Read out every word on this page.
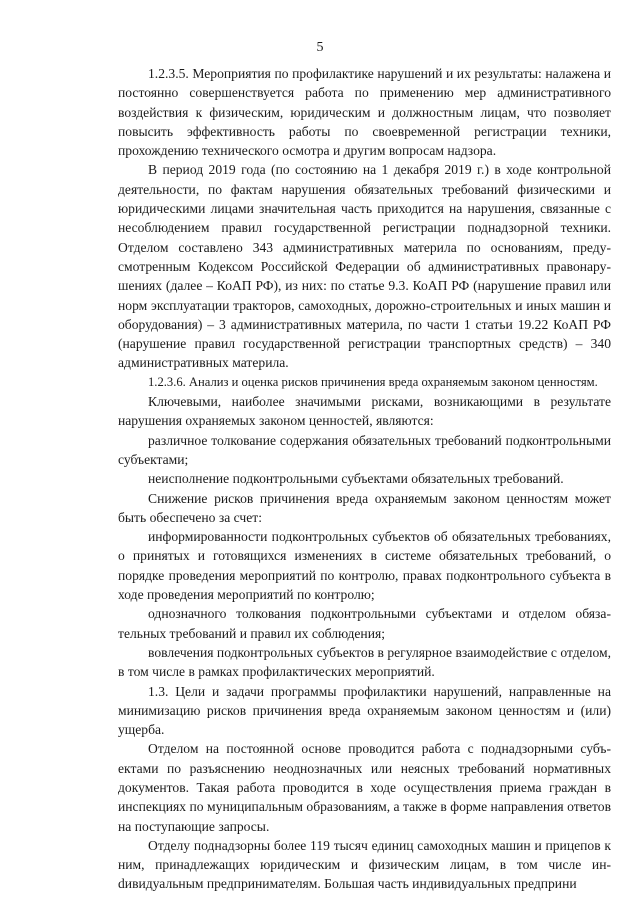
5

1.2.3.5. Мероприятия по профилактике нарушений и их результаты: налажена и постоянно совершенствуется работа по применению мер административного воздействия к физическим, юридическим и должностным лицам, что позволяет повысить эффективность работы по своевременной регистрации техники, прохождению технического осмотра и другим вопросам надзора.

В период 2019 года (по состоянию на 1 декабря 2019 г.) в ходе контрольной деятельности, по фактам нарушения обязательных требований физическими и юридическими лицами значительная часть приходится на нарушения, связанные с несоблюдением правил государственной регистрации поднадзорной техники. Отделом составлено 343 административных материла по основаниям, предусмотренным Кодексом Российской Федерации об административных правонарушениях (далее – КоАП РФ), из них: по статье 9.3. КоАП РФ (нарушение правил или норм эксплуатации тракторов, самоходных, дорожно-строительных и иных машин и оборудования) – 3 административных материла, по части 1 статьи 19.22 КоАП РФ (нарушение правил государственной регистрации транспортных средств) – 340 административных материла.

1.2.3.6. Анализ и оценка рисков причинения вреда охраняемым законом ценностям.

Ключевыми, наиболее значимыми рисками, возникающими в результате нарушения охраняемых законом ценностей, являются:

различное толкование содержания обязательных требований подконтрольными субъектами;

неисполнение подконтрольными субъектами обязательных требований.

Снижение рисков причинения вреда охраняемым законом ценностям может быть обеспечено за счет:

информированности подконтрольных субъектов об обязательных требованиях, о принятых и готовящихся изменениях в системе обязательных требований, о порядке проведения мероприятий по контролю, правах подконтрольного субъекта в ходе проведения мероприятий по контролю;

однозначного толкования подконтрольными субъектами и отделом обязательных требований и правил их соблюдения;

вовлечения подконтрольных субъектов в регулярное взаимодействие с отделом, в том числе в рамках профилактических мероприятий.

1.3. Цели и задачи программы профилактики нарушений, направленные на минимизацию рисков причинения вреда охраняемым законом ценностям и (или) ущерба.

Отделом на постоянной основе проводится работа с поднадзорными субъектами по разъяснению неоднозначных или неясных требований нормативных документов. Такая работа проводится в ходе осуществления приема граждан в инспекциях по муниципальным образованиям, а также в форме направления ответов на поступающие запросы.

Отделу поднадзорны более 119 тысяч единиц самоходных машин и прицепов к ним, принадлежащих юридическим и физическим лицам, в том числе инdивидуальным предпринимателям. Большая часть индивидуальных предприни
